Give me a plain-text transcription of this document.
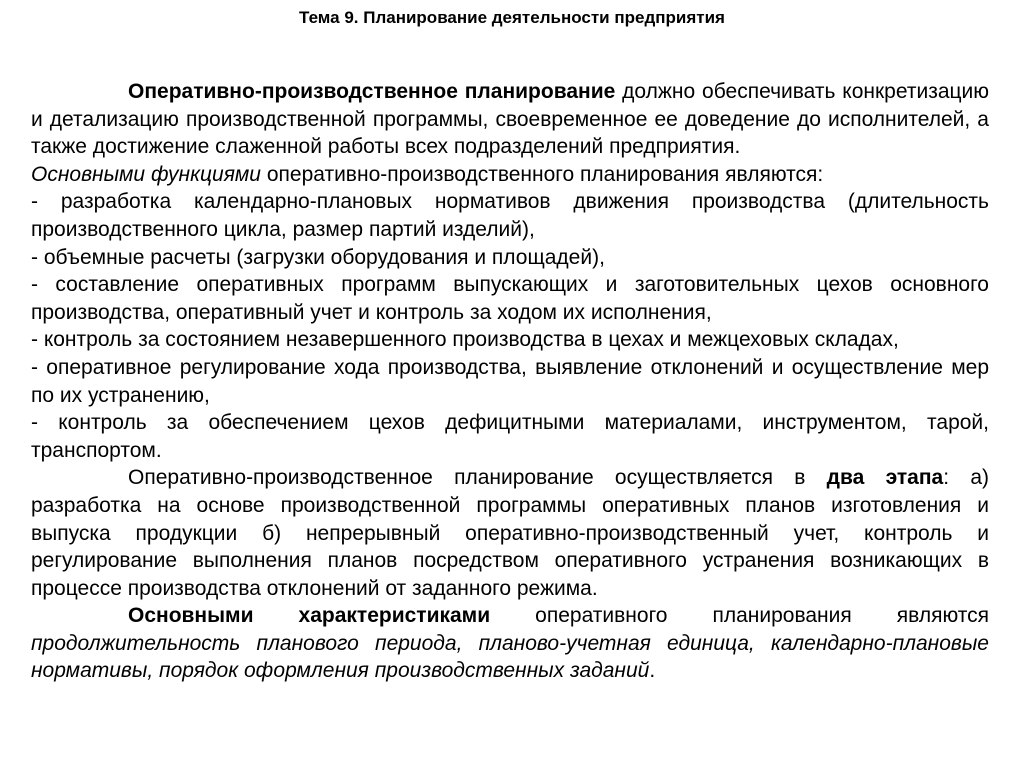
Тема 9. Планирование деятельности предприятия

Оперативно-производственное планирование должно обеспечивать конкретизацию и детализацию производственной программы, своевременное ее доведение до исполнителей, а также достижение слаженной работы всех подразделений предприятия.

Основными функциями оперативно-производственного планирования являются:

- разработка календарно-плановых нормативов движения производства (длительность производственного цикла, размер партий изделий),

- объемные расчеты (загрузки оборудования и площадей),

- составление оперативных программ выпускающих и заготовительных цехов основного производства, оперативный учет и контроль за ходом их исполнения,

- контроль за состоянием незавершенного производства в цехах и межцеховых складах,

- оперативное регулирование хода производства, выявление отклонений и осуществление мер по их устранению,

- контроль за обеспечением цехов дефицитными материалами, инструментом, тарой, транспортом.

Оперативно-производственное планирование осуществляется в два этапа: а) разработка на основе производственной программы оперативных планов изготовления и выпуска продукции б) непрерывный оперативно-производственный учет, контроль и регулирование выполнения планов посредством оперативного устранения возникающих в процессе производства отклонений от заданного режима.

Основными характеристиками оперативного планирования являются продолжительность планового периода, планово-учетная единица, календарно-плановые нормативы, порядок оформления производственных заданий.
